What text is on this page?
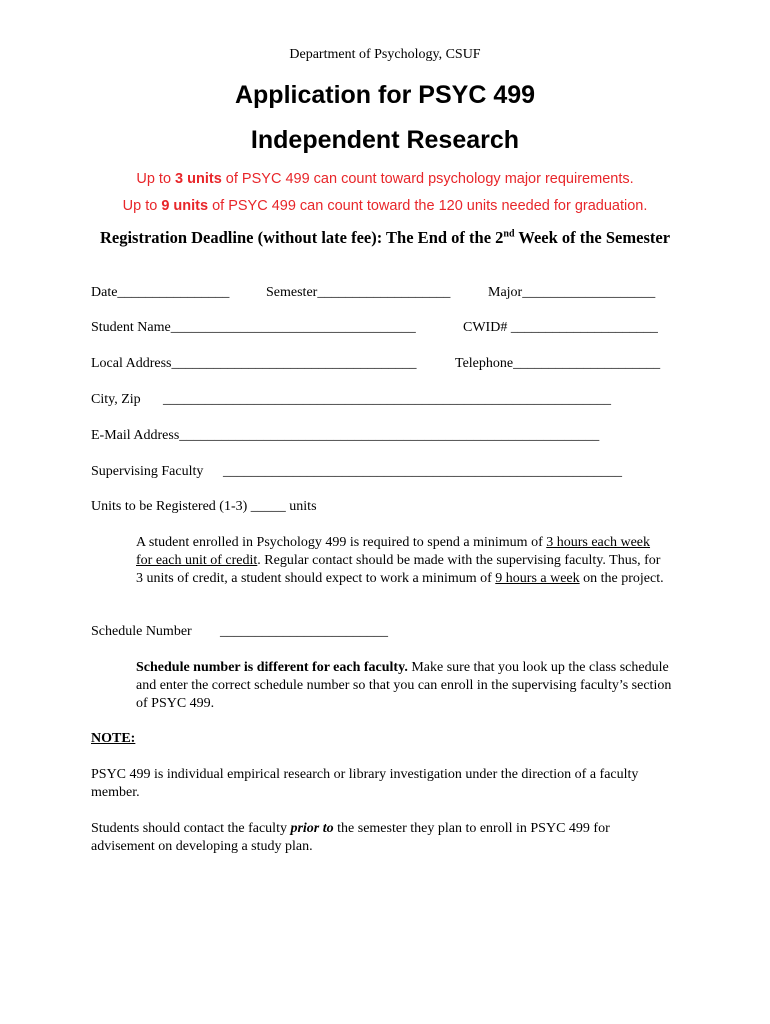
Department of Psychology, CSUF
Application for PSYC 499
Independent Research
Up to 3 units of PSYC 499 can count toward psychology major requirements.
Up to 9 units of PSYC 499 can count toward the 120 units needed for graduation.
Registration Deadline (without late fee): The End of the 2nd Week of the Semester
Date________________	Semester___________________	Major___________________
Student Name___________________________________	CWID# _____________________
Local Address___________________________________	Telephone_____________________
City, Zip ________________________________________________________________
E-Mail Address____________________________________________________________
Supervising Faculty _________________________________________________________
Units to be Registered (1-3) _____ units
A student enrolled in Psychology 499 is required to spend a minimum of 3 hours each week for each unit of credit. Regular contact should be made with the supervising faculty. Thus, for 3 units of credit, a student should expect to work a minimum of 9 hours a week on the project.
Schedule Number ________________________
Schedule number is different for each faculty. Make sure that you look up the class schedule and enter the correct schedule number so that you can enroll in the supervising faculty’s section of PSYC 499.
NOTE:
PSYC 499 is individual empirical research or library investigation under the direction of a faculty member.
Students should contact the faculty prior to the semester they plan to enroll in PSYC 499 for advisement on developing a study plan.
